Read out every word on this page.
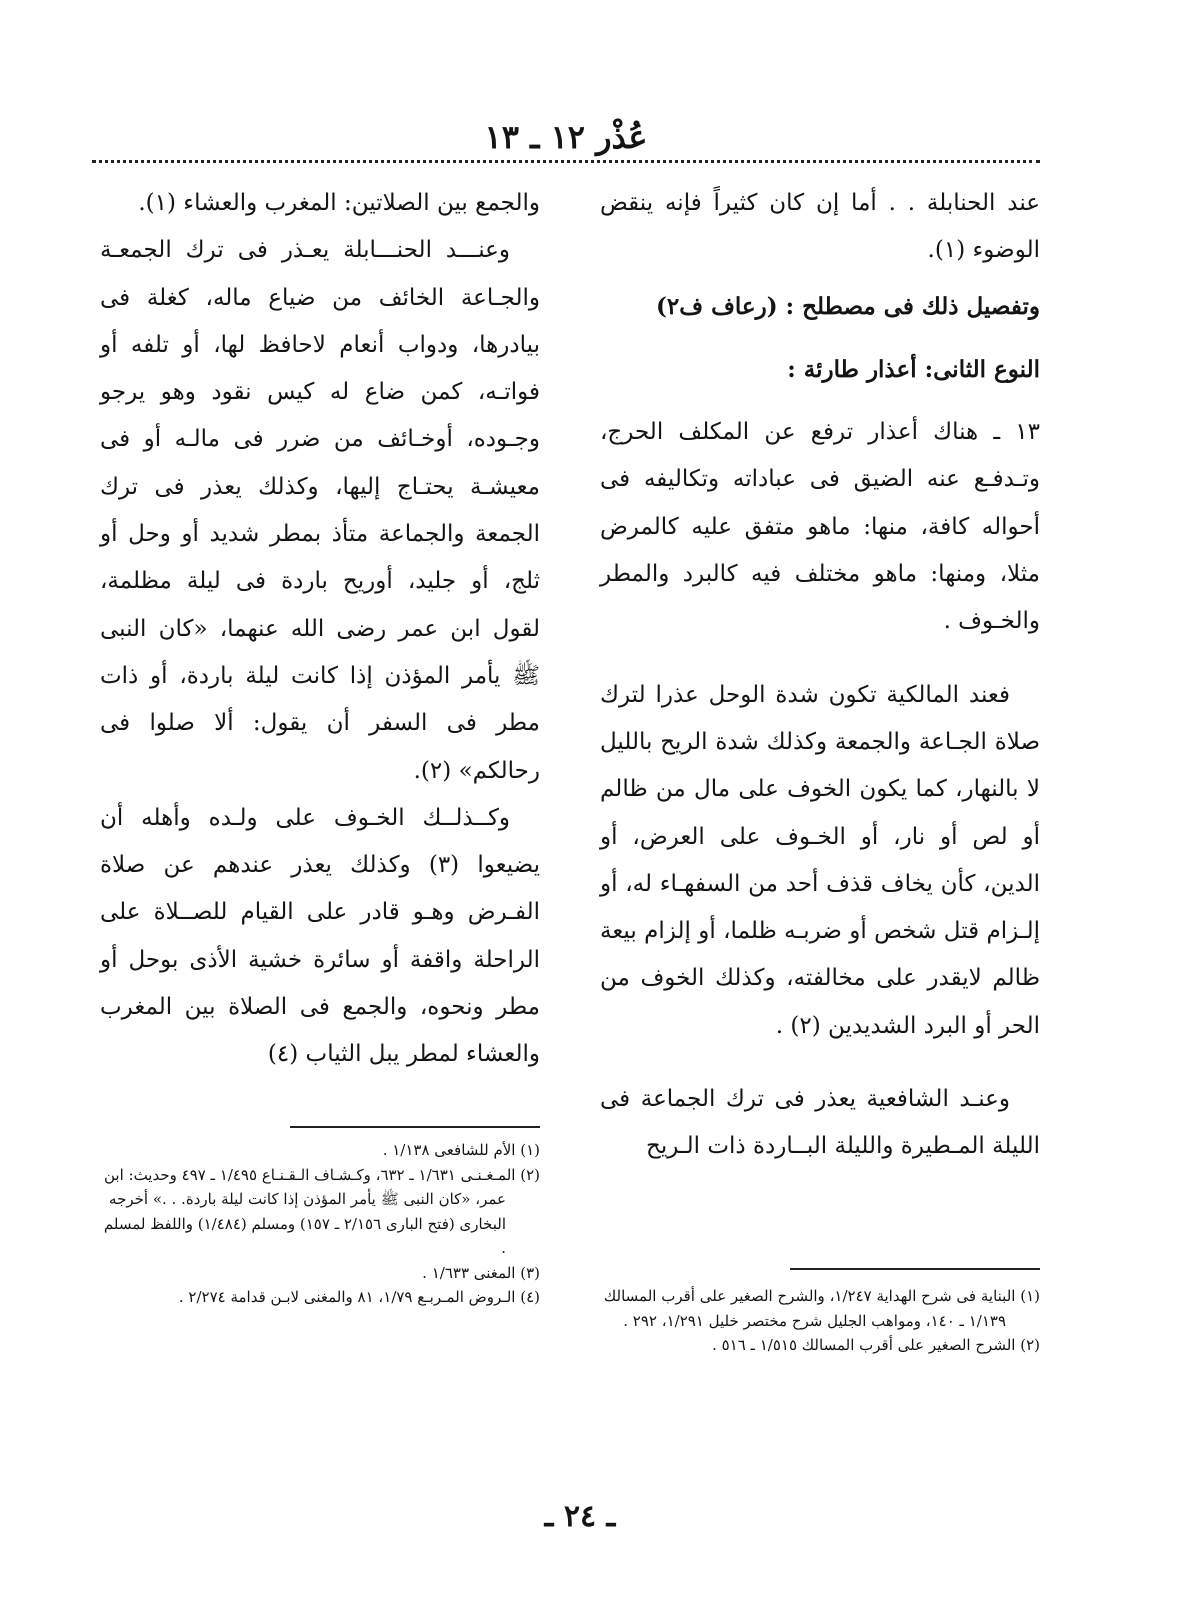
عُذْر ١٢ ـ ١٣

عند الحنابلة . . أما إن كان كثيراً فإنه ينقض الوضوء (١).

وتفصيل ذلك فى مصطلح : (رعاف ف٢)

النوع الثانى: أعذار طارئة :

١٣ ـ هناك أعذار ترفع عن المكلف الحرج، وتـدفـع عنه الضيق فى عباداته وتكاليفه فى أحواله كافة، منها: ماهو متفق عليه كالمرض مثلا، ومنها: ماهو مختلف فيه كالبرد والمطر والخـوف .

فعند المالكية تكون شدة الوحل عذرا لترك صلاة الجـاعة والجمعة وكذلك شدة الريح بالليل لا بالنهار، كما يكون الخوف على مال من ظالم أو لص أو نار، أو الخـوف على العرض، أو الدين، كأن يخاف قذف أحد من السفهـاء له، أو إلـزام قتل شخص أو ضربـه ظلما، أو إلزام بيعة ظالم لايقدر على مخالفته، وكذلك الخوف من الحر أو البرد الشديدين (٢) .

وعنـد الشافعية يعذر فى ترك الجماعة فى الليلة المـطيرة والليلة البــاردة ذات الـريح

والجمع بين الصلاتين: المغرب والعشاء (١).

وعنـــد الحنـــابلة يعـذر فى ترك الجمعـة والجـاعة الخائف من ضياع ماله، كغلة فى بيادرها، ودواب أنعام لاحافظ لها، أو تلفه أو فواتـه، كمن ضاع له كيس نقود وهو يرجو وجـوده، أوخـائف من ضرر فى مالـه أو فى معيشـة يحتـاج إليها، وكذلك يعذر فى ترك الجمعة والجماعة متأذ بمطر شديد أو وحل أو ثلج، أو جليد، أوريح باردة فى ليلة مظلمة، لقول ابن عمر رضى الله عنهما، «كان النبى ﷺ يأمر المؤذن إذا كانت ليلة باردة، أو ذات مطر فى السفر أن يقول: ألا صلوا فى رحالكم» (٢).

وكــذلــك الخـوف على ولـده وأهله أن يضيعوا (٣) وكذلك يعذر عندهم عن صلاة الفـرض وهـو قادر على القيام للصــلاة على الراحلة واقفة أو سائرة خشية الأذى بوحل أو مطر ونحوه، والجمع فى الصلاة بين المغرب والعشاء لمطر يبل الثياب (٤)

(١) البناية فى شرح الهداية ١/٢٤٧، والشرح الصغير على أقرب المسالك ١/١٣٩ ـ ١٤٠، ومواهب الجليل شرح مختصر خليل ١/٢٩١، ٢٩٢ .

(٢) الشرح الصغير على أقرب المسالك ١/٥١٥ ـ ٥١٦ .

(١) الأم للشافعى ١/١٣٨ .

(٢) المـغـنـى ١/٦٣١ ـ ٦٣٢، وكـشـاف الـقـنـاع ١/٤٩٥ ـ ٤٩٧ وحديث: ابن عمر، «كان النبى ﷺ يأمر المؤذن إذا كانت ليلة باردة. . .» أخرجه البخارى (فتح البارى ٢/١٥٦ ـ ١٥٧) ومسلم (١/٤٨٤) واللفظ لمسلم .

(٣) المغنى ١/٦٣٣ .

(٤) الـروض المـربـع ١/٧٩، ٨١ والمغنى لابـن قدامة ٢/٢٧٤ .

ـ ٢٤ ـ
